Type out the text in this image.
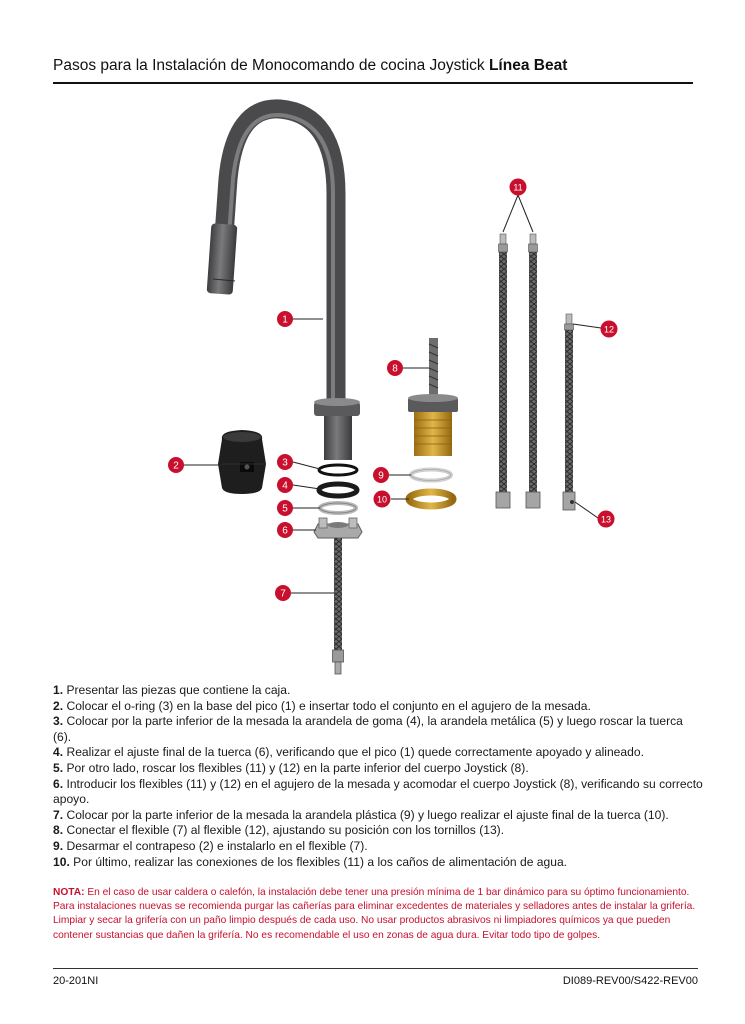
Pasos para la Instalación de Monocomando de cocina Joystick Línea Beat
1
2	3
4
5
6
7
8
9
10
11
12
13

1. Presentar las piezas que contiene la caja.

2. Colocar el o-ring (3) en la base del pico (1) e insertar todo el conjunto en el agujero de la mesada.

3. Colocar por la parte inferior de la mesada la arandela de goma (4), la arandela metálica (5) y luego roscar la tuerca (6).

4. Realizar el ajuste final de la tuerca (6), verificando que el pico (1) quede correctamente apoyado y alineado.

5. Por otro lado, roscar los flexibles (11) y (12) en la parte inferior del cuerpo Joystick (8).

6. Introducir los flexibles (11) y (12) en el agujero de la mesada y acomodar el cuerpo Joystick (8), verificando su correcto apoyo.

7. Colocar por la parte inferior de la mesada la arandela plástica (9) y luego realizar el ajuste final de la tuerca (10).

8. Conectar el flexible (7) al flexible (12), ajustando su posición con los tornillos (13).

9. Desarmar el contrapeso (2) e instalarlo en el flexible (7).

10. Por último, realizar las conexiones de los flexibles (11) a los caños de alimentación de agua.

NOTA: En el caso de usar caldera o calefón, la instalación debe tener una presión mínima de 1 bar dinámico para su óptimo funcionamiento. Para instalaciones nuevas se recomienda purgar las cañerías para eliminar excedentes de materiales y selladores antes de instalar la grifería. Limpiar y secar la grifería con un paño limpio después de cada uso. No usar productos abrasivos ni limpiadores químicos ya que pueden contener sustancias que dañen la grifería. No es recomendable el uso en zonas de agua dura. Evitar todo tipo de golpes.
20-201NI	DI089-REV00/S422-REV00
